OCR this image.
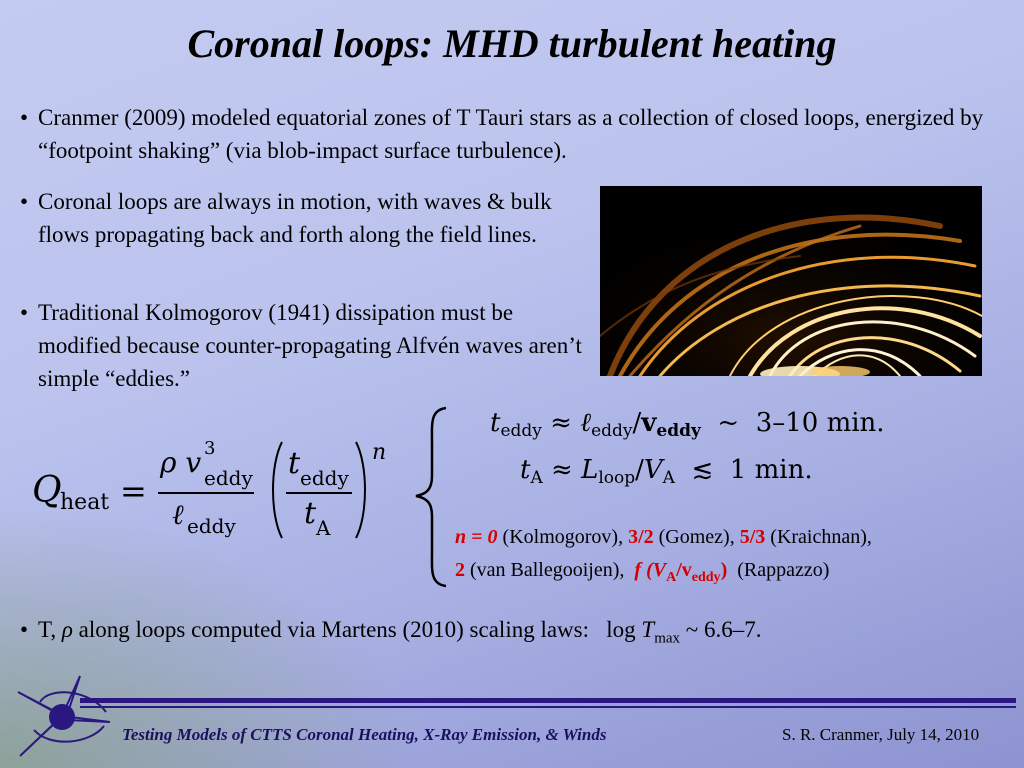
Coronal loops: MHD turbulent heating
• Cranmer (2009) modeled equatorial zones of T Tauri stars as a collection of closed loops, energized by “footpoint shaking” (via blob-impact surface turbulence).
• Coronal loops are always in motion, with waves & bulk flows propagating back and forth along the field lines.
• Traditional Kolmogorov (1941) dissipation must be modified because counter-propagating Alfvén waves aren’t simple “eddies.”
Q
heat =
ρ v 3
eddy
ℓ eddy
t eddy
t A
n
$t_{eddy}$ ≈ $\ell_{eddy}/v_{eddy}$  ~  3–10 min.
$t_A \approx L_{loop}/V_A$  ≲  1 min.
n = 0 (Kolmogorov), 3/2 (Gomez), 5/3 (Kraichnan),
2 (van Ballegooijen),  f $(V_A/v_{eddy})$  (Rappazzo)
• T, ρ along loops computed via Martens (2010) scaling laws:   $\log T_{max}$ ~ 6.6–7.
Testing Models of CTTS Coronal Heating, X-Ray Emission, & Winds	S. R. Cranmer, July 14, 2010
